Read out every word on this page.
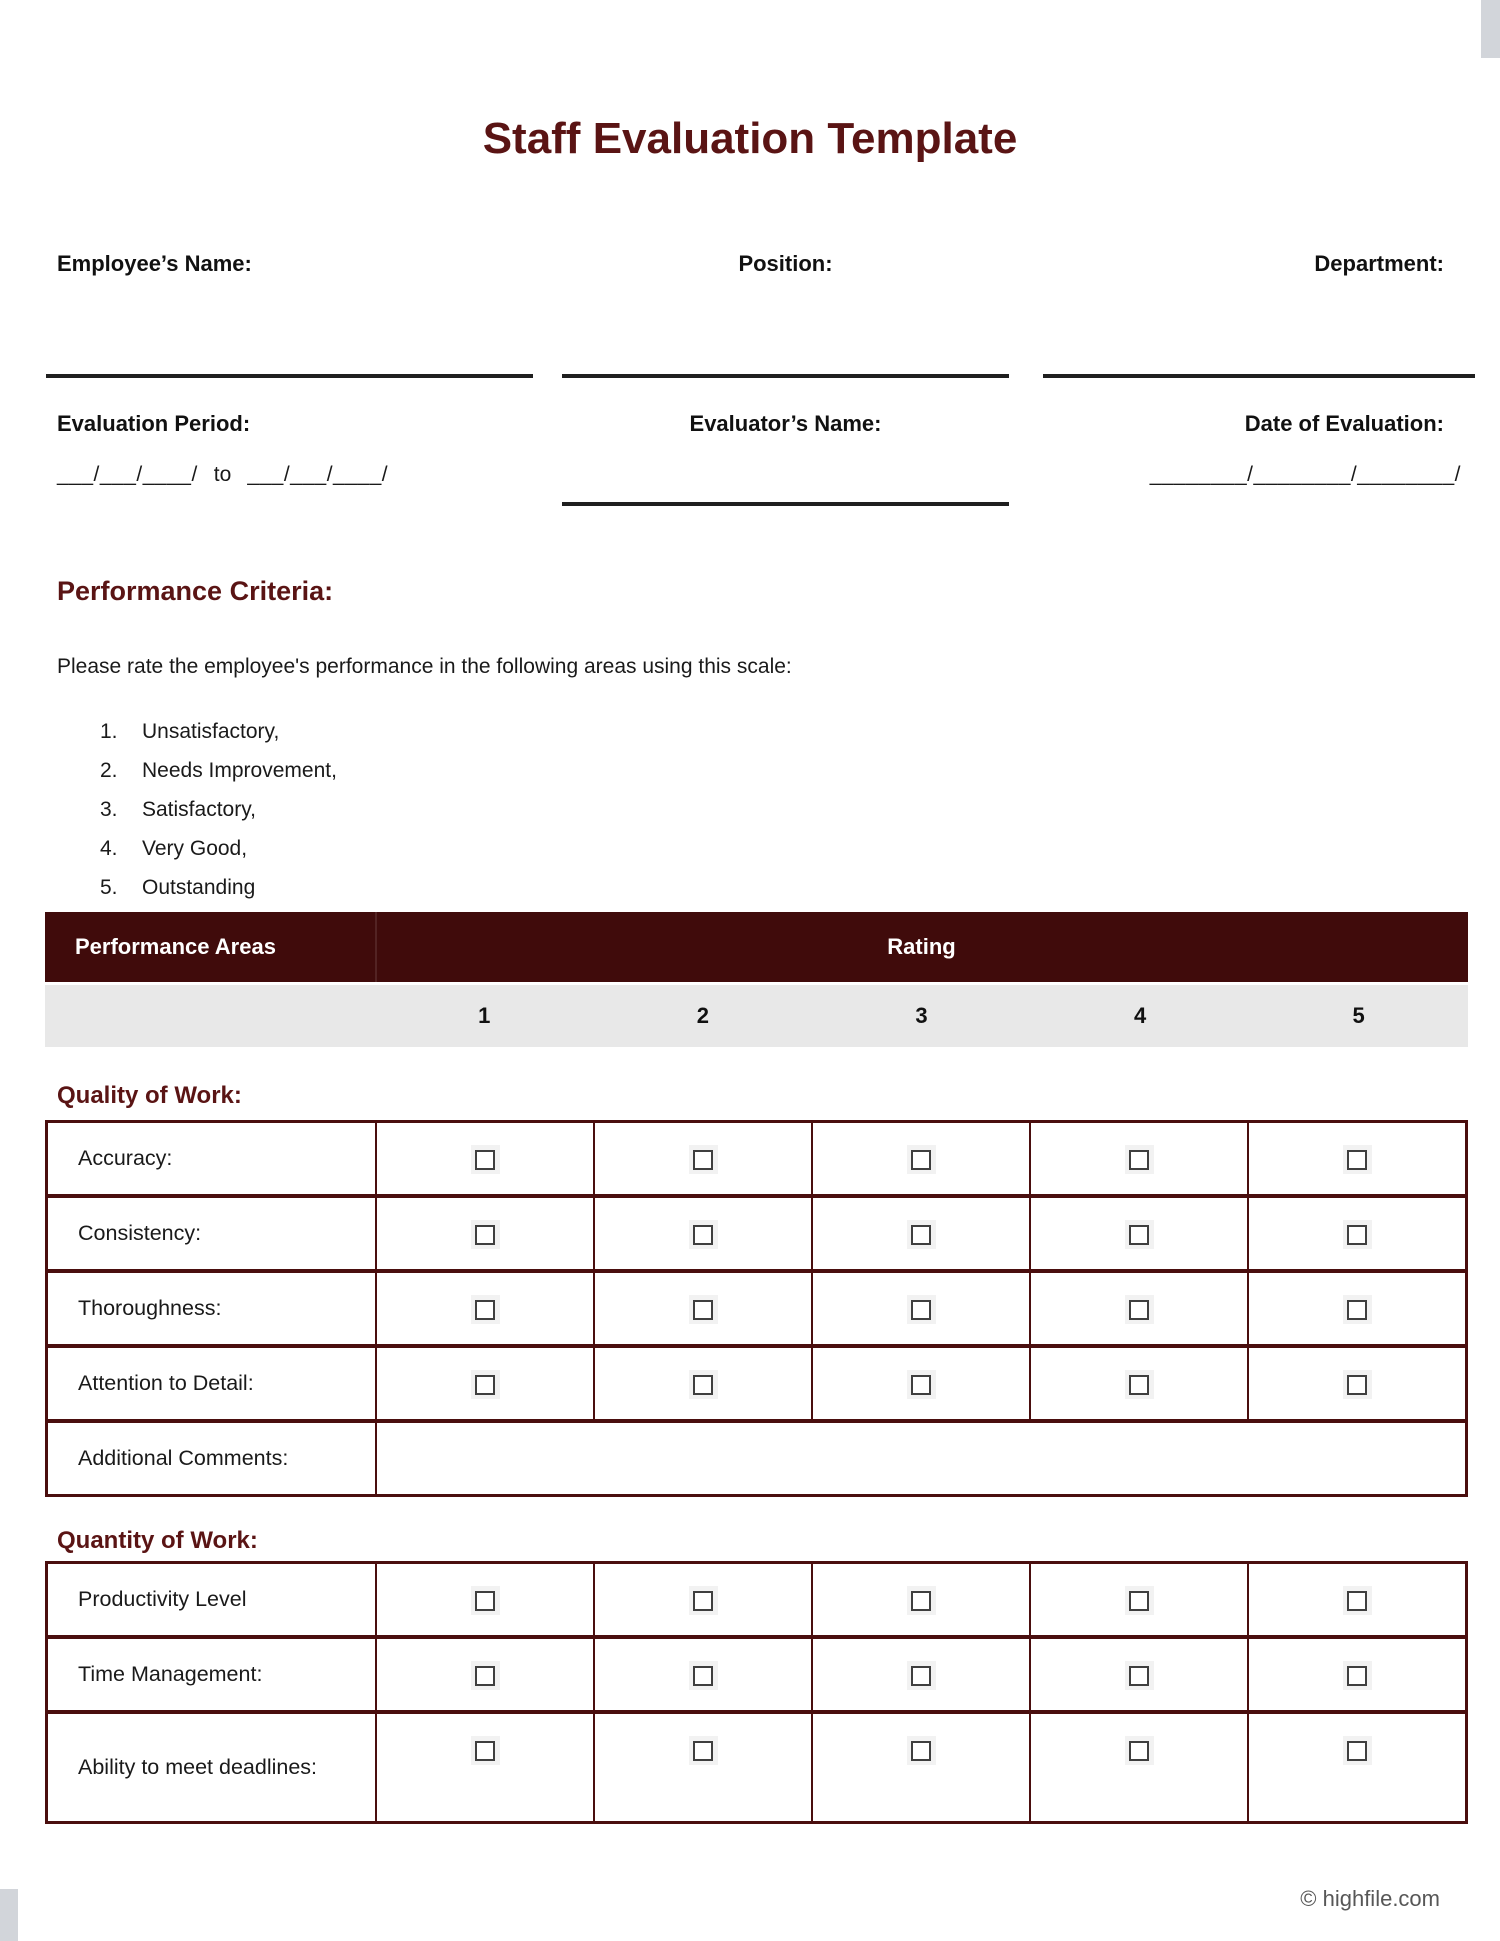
Staff Evaluation Template
Employee’s Name:	Position:	Department:
Evaluation Period:	Evaluator’s Name:	Date of Evaluation:
___/___/____/ to ___/___/____/	________/________/________/
Performance Criteria:
Please rate the employee's performance in the following areas using this scale:
1.	Unsatisfactory,
2.	Needs Improvement,
3.	Satisfactory,
4.	Very Good,
5.	Outstanding
Performance Areas	Rating
1	2	3	4	5
Quality of Work:
Accuracy:
Consistency:
Thoroughness:
Attention to Detail:
Additional Comments:
Quantity of Work:
Productivity Level
Time Management:
Ability to meet deadlines:
© highfile.com
